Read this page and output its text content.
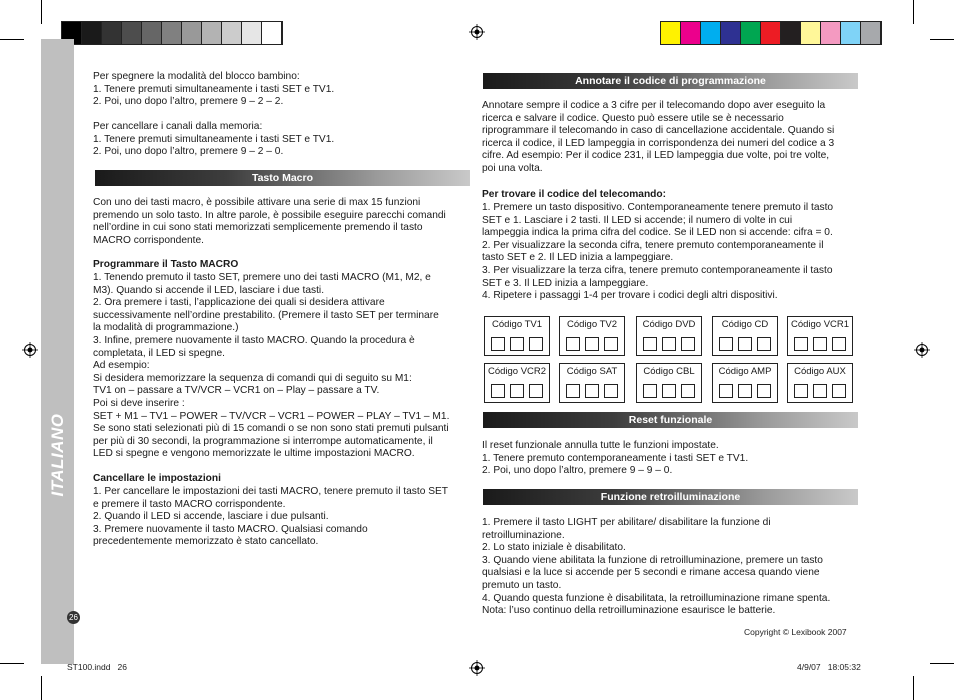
ITALIANO
26
Per spegnere la modalità del blocco bambino:
1. Tenere premuti simultaneamente i tasti SET e TV1.
2. Poi, uno dopo l’altro, premere 9 – 2 – 2.
Per cancellare i canali dalla memoria:
1. Tenere premuti simultaneamente i tasti SET e TV1.
2. Poi, uno dopo l’altro, premere 9 – 2 – 0.
Tasto Macro
Con uno dei tasti macro, è possibile attivare una serie di max 15 funzioni
premendo un solo tasto. In altre parole, è possibile eseguire parecchi comandi
nell’ordine in cui sono stati memorizzati semplicemente premendo il tasto
MACRO corrispondente.
Programmare il Tasto MACRO
1. Tenendo premuto il tasto SET, premere uno dei tasti MACRO (M1, M2, e
M3). Quando si accende il LED, lasciare i due tasti.
2. Ora premere i tasti, l’applicazione dei quali si desidera attivare
successivamente nell’ordine prestabilito. (Premere il tasto SET per terminare
la modalità di programmazione.)
3. Infine, premere nuovamente il tasto MACRO. Quando la procedura è
completata, il LED si spegne.
Ad esempio:
Si desidera memorizzare la sequenza di comandi qui di seguito su M1:
TV1 on – passare a TV/VCR – VCR1 on – Play – passare a TV.
Poi si deve inserire :
SET + M1 – TV1 – POWER – TV/VCR – VCR1 – POWER – PLAY – TV1 – M1.
Se sono stati selezionati più di 15 comandi o se non sono stati premuti pulsanti
per più di 30 secondi, la programmazione si interrompe automaticamente, il
LED si spegne e vengono memorizzate le ultime impostazioni MACRO.
Cancellare le impostazioni
1. Per cancellare le impostazioni dei tasti MACRO, tenere premuto il tasto SET
e premere il tasto MACRO corrispondente.
2. Quando il LED si accende, lasciare i due pulsanti.
3. Premere nuovamente il tasto MACRO. Qualsiasi comando
precedentemente memorizzato è stato cancellato.
Annotare il codice di programmazione
Annotare sempre il codice a 3 cifre per il telecomando dopo aver eseguito la
ricerca e salvare il codice. Questo può essere utile se è necessario
riprogrammare il telecomando in caso di cancellazione accidentale. Quando si
ricerca il codice, il LED lampeggia in corrispondenza dei numeri del codice a 3
cifre. Ad esempio: Per il codice 231, il LED lampeggia due volte, poi tre volte,
poi una volta.
Per trovare il codice del telecomando:
1. Premere un tasto dispositivo. Contemporaneamente tenere premuto il tasto
SET e 1. Lasciare i 2 tasti. Il LED si accende; il numero di volte in cui
lampeggia indica la prima cifra del codice. Se il LED non si accende: cifra = 0.
2. Per visualizzare la seconda cifra, tenere premuto contemporaneamente il
tasto SET e 2. Il LED inizia a lampeggiare.
3. Per visualizzare la terza cifra, tenere premuto contemporaneamente il tasto
SET e 3. Il LED inizia a lampeggiare.
4. Ripetere i passaggi 1-4 per trovare i codici degli altri dispositivi.
Código TV1	Código TV2	Código DVD	Código CD	Código VCR1
Código VCR2	Código SAT	Código CBL	Código AMP	Código AUX
Reset funzionale
Il reset funzionale annulla tutte le funzioni impostate.
1. Tenere premuto contemporaneamente i tasti SET e TV1.
2. Poi, uno dopo l’altro, premere 9 – 9 – 0.
Funzione retroilluminazione
1. Premere il tasto LIGHT per abilitare/ disabilitare la funzione di
retroilluminazione.
2. Lo stato iniziale è disabilitato.
3. Quando viene abilitata la funzione di retroilluminazione, premere un tasto
qualsiasi e la luce si accende per 5 secondi e rimane accesa quando viene
premuto un tasto.
4. Quando questa funzione è disabilitata, la retroilluminazione rimane spenta.
Nota: l’uso continuo della retroilluminazione esaurisce le batterie.
Copyright © Lexibook 2007
ST100.indd   26	4/9/07   18:05:32
